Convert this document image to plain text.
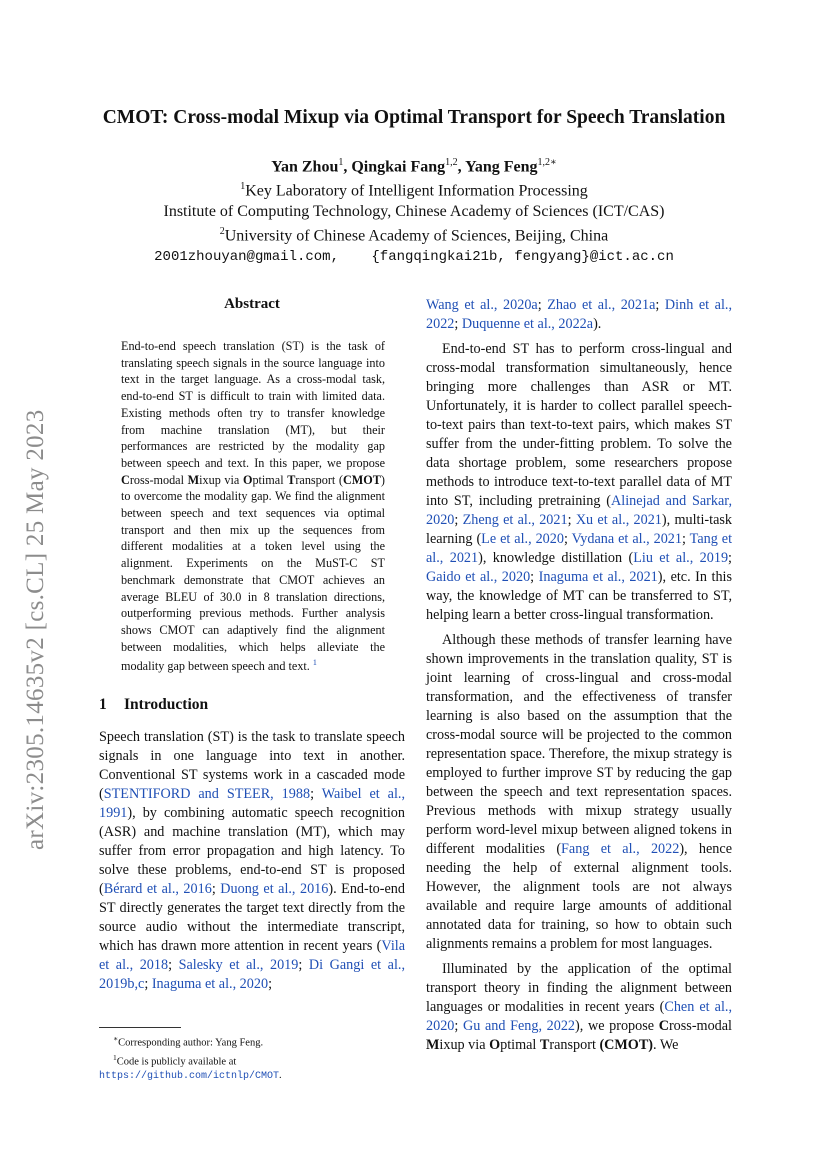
arXiv:2305.14635v2 [cs.CL] 25 May 2023
CMOT: Cross-modal Mixup via Optimal Transport for Speech Translation
Yan Zhou$^1$, Qingkai Fang$^{1,2}$, Yang Feng$^{1,2∗}$
$^1$Key Laboratory of Intelligent Information Processing
Institute of Computing Technology, Chinese Academy of Sciences (ICT/CAS)
$^2$University of Chinese Academy of Sciences, Beijing, China
2001zhouyan@gmail.com, {fangqingkai21b, fengyang}@ict.ac.cn
Abstract
End-to-end speech translation (ST) is the task of translating speech signals in the source language into text in the target language. As a cross-modal task, end-to-end ST is difficult to train with limited data. Existing methods often try to transfer knowledge from machine translation (MT), but their performances are restricted by the modality gap between speech and text. In this paper, we propose Cross-modal Mixup via Optimal Transport (CMOT) to overcome the modality gap. We find the alignment between speech and text sequences via optimal transport and then mix up the sequences from different modalities at a token level using the alignment. Experiments on the MuST-C ST benchmark demonstrate that CMOT achieves an average BLEU of 30.0 in 8 translation directions, outperforming previous methods. Further analysis shows CMOT can adaptively find the alignment between modalities, which helps alleviate the modality gap between speech and text. $^1$
1 Introduction

Speech translation (ST) is the task to translate speech signals in one language into text in another. Conventional ST systems work in a cascaded mode (STENTIFORD and STEER, 1988; Waibel et al., 1991), by combining automatic speech recognition (ASR) and machine translation (MT), which may suffer from error propagation and high latency. To solve these problems, end-to-end ST is proposed (Bérard et al., 2016; Duong et al., 2016). End-to-end ST directly generates the target text directly from the source audio without the intermediate transcript, which has drawn more attention in recent years (Vila et al., 2018; Salesky et al., 2019; Di Gangi et al., 2019b,c; Inaguma et al., 2020;

Wang et al., 2020a; Zhao et al., 2021a; Dinh et al., 2022; Duquenne et al., 2022a).

End-to-end ST has to perform cross-lingual and cross-modal transformation simultaneously, hence bringing more challenges than ASR or MT. Unfortunately, it is harder to collect parallel speech-to-text pairs than text-to-text pairs, which makes ST suffer from the under-fitting problem. To solve the data shortage problem, some researchers propose methods to introduce text-to-text parallel data of MT into ST, including pretraining (Alinejad and Sarkar, 2020; Zheng et al., 2021; Xu et al., 2021), multi-task learning (Le et al., 2020; Vydana et al., 2021; Tang et al., 2021), knowledge distillation (Liu et al., 2019; Gaido et al., 2020; Inaguma et al., 2021), etc. In this way, the knowledge of MT can be transferred to ST, helping learn a better cross-lingual transformation.

Although these methods of transfer learning have shown improvements in the translation quality, ST is joint learning of cross-lingual and cross-modal transformation, and the effectiveness of transfer learning is also based on the assumption that the cross-modal source will be projected to the common representation space. Therefore, the mixup strategy is employed to further improve ST by reducing the gap between the speech and text representation spaces. Previous methods with mixup strategy usually perform word-level mixup between aligned tokens in different modalities (Fang et al., 2022), hence needing the help of external alignment tools. However, the alignment tools are not always available and require large amounts of additional annotated data for training, so how to obtain such alignments remains a problem for most languages.

Illuminated by the application of the optimal transport theory in finding the alignment between languages or modalities in recent years (Chen et al., 2020; Gu and Feng, 2022), we propose Cross-modal Mixup via Optimal Transport (CMOT). We

∗Corresponding author: Yang Feng.
$^1$Code is publicly available at https://github.com/ictnlp/CMOT.
